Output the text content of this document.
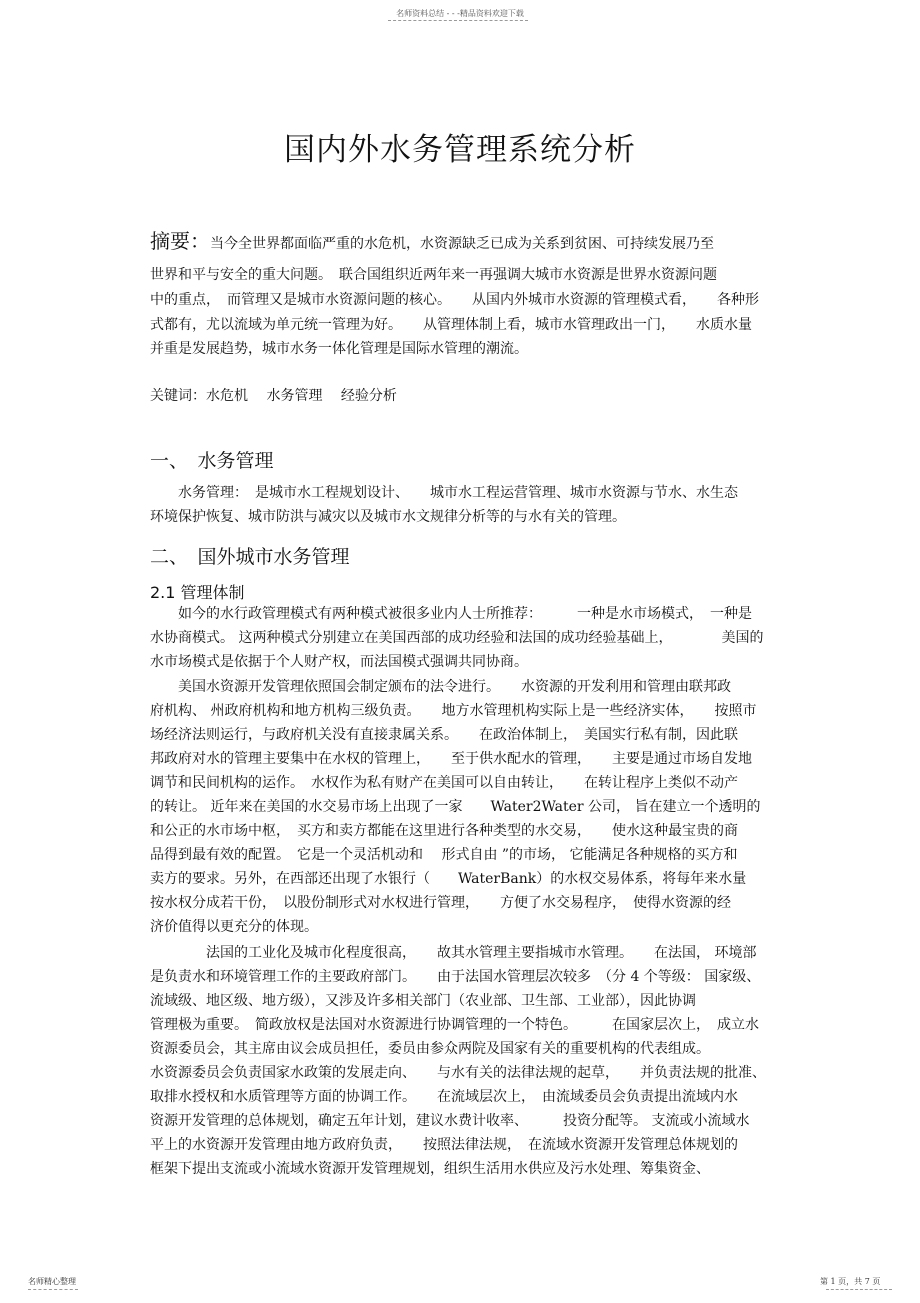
名师资料总结 - - -精品资料欢迎下载
国内外水务管理系统分析
摘要：当今全世界都面临严重的水危机，水资源缺乏已成为关系到贫困、可持续发展乃至
世界和平与安全的重大问题。　联合国组织近两年来一再强调大城市水资源是世界水资源问题
中的重点，　而管理又是城市水资源问题的核心。　　从国内外城市水资源的管理模式看，　　各种形
式都有，尤以流域为单元统一管理为好。　　从管理体制上看，城市水管理政出一门，　　水质水量
并重是发展趋势，城市水务一体化管理是国际水管理的潮流。
关键词：水危机　 水务管理　 经验分析
一、　水务管理
　　水务管理：　是城市水工程规划设计、　　城市水工程运营管理、城市水资源与节水、水生态
环境保护恢复、城市防洪与减灾以及城市水文规律分析等的与水有关的管理。
二、　国外城市水务管理
2.1 管理体制
　　如今的水行政管理模式有两种模式被很多业内人士所推荐：　　　一种是水市场模式，　一种是
水协商模式。 这两种模式分别建立在美国西部的成功经验和法国的成功经验基础上，　　　　美国的
水市场模式是依据于个人财产权，而法国模式强调共同协商。
　　美国水资源开发管理依照国会制定颁布的法令进行。　　水资源的开发利用和管理由联邦政
府机构、 州政府机构和地方机构三级负责。　　地方水管理机构实际上是一些经济实体，　　按照市
场经济法则运行，与政府机关没有直接隶属关系。　　在政治体制上，　美国实行私有制，因此联
邦政府对水的管理主要集中在水权的管理上，　　至于供水配水的管理，　　主要是通过市场自发地
调节和民间机构的运作。　水权作为私有财产在美国可以自由转让，　　在转让程序上类似不动产
的转让。 近年来在美国的水交易市场上出现了一家　　Water2Water 公司， 旨在建立一个透明的
和公正的水市场中枢，　买方和卖方都能在这里进行各种类型的水交易，　　使水这种最宝贵的商
品得到最有效的配置。　它是一个灵活机动和　 形式自由 ”的市场， 它能满足各种规格的买方和
卖方的要求。另外，在西部还出现了水银行（　　WaterBank）的水权交易体系，将每年来水量
按水权分成若干份，　以股份制形式对水权进行管理，　　方便了水交易程序，　使得水资源的经
济价值得以更充分的体现。
　　　　法国的工业化及城市化程度很高，　　故其水管理主要指城市水管理。　　在法国， 环境部
是负责水和环境管理工作的主要政府部门。　　由于法国水管理层次较多　（分 4 个等级： 国家级、
流域级、地区级、地方级），又涉及许多相关部门（农业部、卫生部、工业部），因此协调
管理极为重要。　简政放权是法国对水资源进行协调管理的一个特色。　　　在国家层次上，　成立水
资源委员会，其主席由议会成员担任，委员由参众两院及国家有关的重要机构的代表组成。
水资源委员会负责国家水政策的发展走向、　　与水有关的法律法规的起草，　　并负责法规的批准、
取排水授权和水质管理等方面的协调工作。　　在流域层次上，　由流域委员会负责提出流域内水
资源开发管理的总体规划，确定五年计划，建议水费计收率、　　　投资分配等。 支流或小流域水
平上的水资源开发管理由地方政府负责，　　按照法律法规，　在流域水资源开发管理总体规划的
框架下提出支流或小流域水资源开发管理规划，组织生活用水供应及污水处理、筹集资金、
名师精心整理	第 1 页，共 7 页
